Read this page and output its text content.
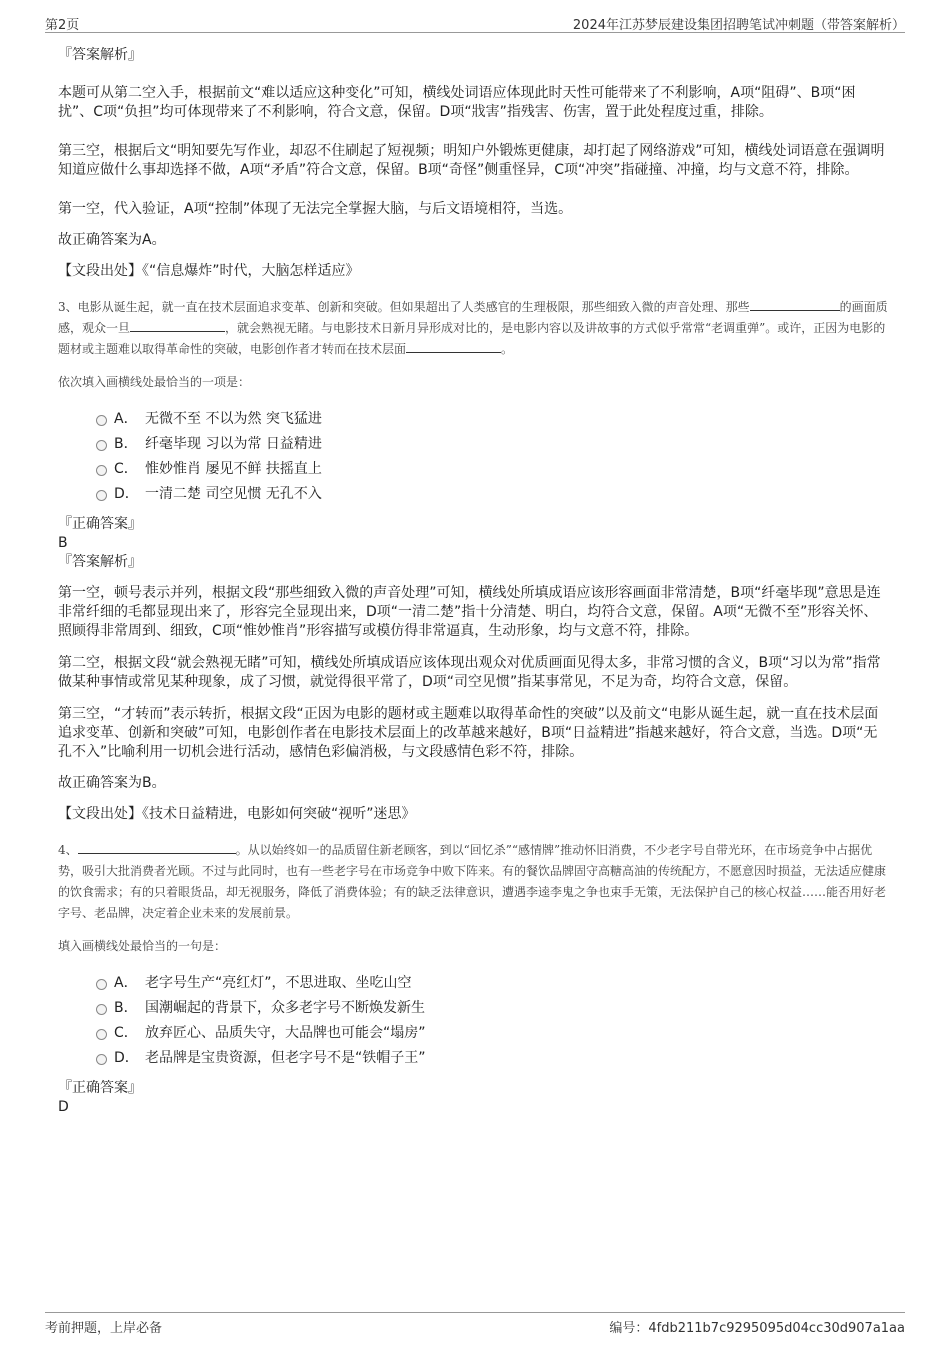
第2页	2024年江苏梦辰建设集团招聘笔试冲刺题（带答案解析）

『答案解析』

本题可从第二空入手，根据前文“难以适应这种变化”可知，横线处词语应体现此时天性可能带来了不利影响，A项“阻碍”、B项“困扰”、C项“负担”均可体现带来了不利影响，符合文意，保留。D项“戕害”指残害、伤害，置于此处程度过重，排除。

第三空，根据后文“明知要先写作业，却忍不住刷起了短视频；明知户外锻炼更健康，却打起了网络游戏”可知，横线处词语意在强调明知道应做什么事却选择不做，A项“矛盾”符合文意，保留。B项“奇怪”侧重怪异，C项“冲突”指碰撞、冲撞，均与文意不符，排除。

第一空，代入验证，A项“控制”体现了无法完全掌握大脑，与后文语境相符，当选。

故正确答案为A。

【文段出处】《“信息爆炸”时代，大脑怎样适应》

3、电影从诞生起，就一直在技术层面追求变革、创新和突破。但如果超出了人类感官的生理极限，那些细致入微的声音处理、那些	的画面质感，观众一旦	，就会熟视无睹。与电影技术日新月异形成对比的，是电影内容以及讲故事的方式似乎常常“老调重弹”。或许，正因为电影的题材或主题难以取得革命性的突破，电影创作者才转而在技术层面	。

依次填入画横线处最恰当的一项是：

A． 无微不至 不以为然 突飞猛进
B． 纤毫毕现 习以为常 日益精进
C． 惟妙惟肖 屡见不鲜 扶摇直上
D． 一清二楚 司空见惯 无孔不入

『正确答案』

B

『答案解析』

第一空，顿号表示并列，根据文段“那些细致入微的声音处理”可知，横线处所填成语应该形容画面非常清楚，B项“纤毫毕现”意思是连非常纤细的毛都显现出来了，形容完全显现出来，D项“一清二楚”指十分清楚、明白，均符合文意，保留。A项“无微不至”形容关怀、照顾得非常周到、细致，C项“惟妙惟肖”形容描写或模仿得非常逼真，生动形象，均与文意不符，排除。

第二空，根据文段“就会熟视无睹”可知，横线处所填成语应该体现出观众对优质画面见得太多，非常习惯的含义，B项“习以为常”指常做某种事情或常见某种现象，成了习惯，就觉得很平常了，D项“司空见惯”指某事常见，不足为奇，均符合文意，保留。

第三空，“才转而”表示转折，根据文段“正因为电影的题材或主题难以取得革命性的突破”以及前文“电影从诞生起，就一直在技术层面追求变革、创新和突破”可知，电影创作者在电影技术层面上的改革越来越好，B项“日益精进”指越来越好，符合文意，当选。D项“无孔不入”比喻利用一切机会进行活动，感情色彩偏消极，与文段感情色彩不符，排除。

故正确答案为B。

【文段出处】《技术日益精进，电影如何突破“视听”迷思》

4、	。从以始终如一的品质留住新老顾客，到以“回忆杀”“感情牌”推动怀旧消费，不少老字号自带光环，在市场竞争中占据优势，吸引大批消费者光顾。不过与此同时，也有一些老字号在市场竞争中败下阵来。有的餐饮品牌固守高糖高油的传统配方，不愿意因时损益，无法适应健康的饮食需求；有的只着眼货品，却无视服务，降低了消费体验；有的缺乏法律意识，遭遇李逵李鬼之争也束手无策，无法保护自己的核心权益……能否用好老字号、老品牌，决定着企业未来的发展前景。

填入画横线处最恰当的一句是：

A． 老字号生产“亮红灯”，不思进取、坐吃山空
B． 国潮崛起的背景下，众多老字号不断焕发新生
C． 放弃匠心、品质失守，大品牌也可能会“塌房”
D． 老品牌是宝贵资源，但老字号不是“铁帽子王”

『正确答案』

D

考前押题，上岸必备	编号：4fdb211b7c9295095d04cc30d907a1aa
